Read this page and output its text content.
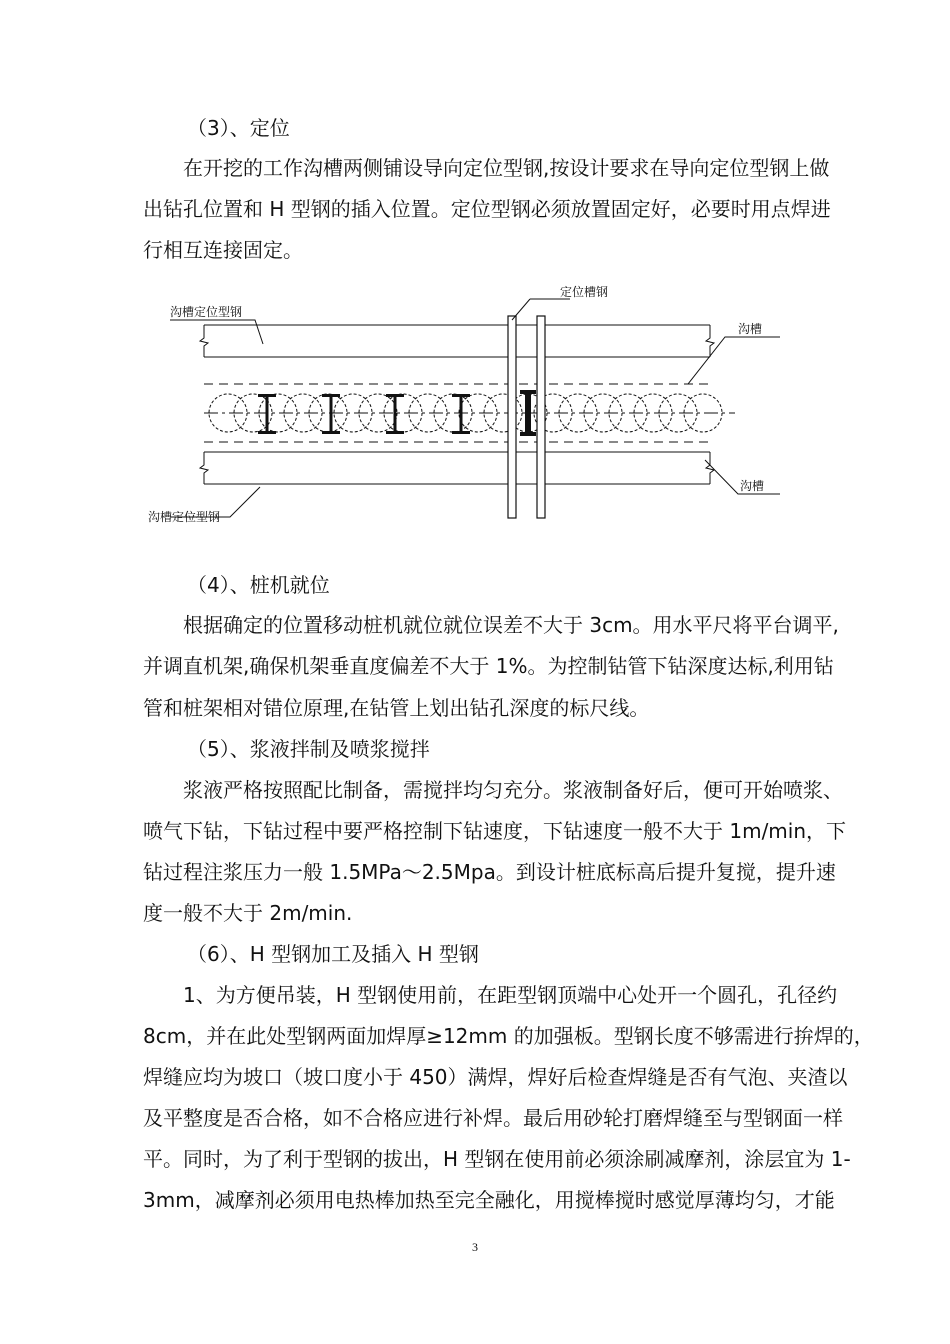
（3）、定位
在开挖的工作沟槽两侧铺设导向定位型钢,按设计要求在导向定位型钢上做
出钻孔位置和 H 型钢的插入位置。定位型钢必须放置固定好，必要时用点焊进
行相互连接固定。
沟槽定位型钢
沟槽定位型钢
定位槽钢
沟槽
沟槽
（4）、桩机就位
根据确定的位置移动桩机就位就位误差不大于 3cm。用水平尺将平台调平,
并调直机架,确保机架垂直度偏差不大于 1%。为控制钻管下钻深度达标,利用钻
管和桩架相对错位原理,在钻管上划出钻孔深度的标尺线。
（5）、浆液拌制及喷浆搅拌
浆液严格按照配比制备，需搅拌均匀充分。浆液制备好后，便可开始喷浆、
喷气下钻，下钻过程中要严格控制下钻速度，下钻速度一般不大于 1m/min，下
钻过程注浆压力一般 1.5MPa～2.5Mpa。到设计桩底标高后提升复搅，提升速
度一般不大于 2m/min.
（6）、H 型钢加工及插入 H 型钢
1、为方便吊装，H 型钢使用前，在距型钢顶端中心处开一个圆孔，孔径约
8cm，并在此处型钢两面加焊厚≥12mm 的加强板。型钢长度不够需进行拚焊的，
焊缝应均为坡口（坡口度小于 450）满焊，焊好后检查焊缝是否有气泡、夹渣以
及平整度是否合格，如不合格应进行补焊。最后用砂轮打磨焊缝至与型钢面一样
平。同时，为了利于型钢的拔出，H 型钢在使用前必须涂刷减摩剂，涂层宜为 1-
3mm，减摩剂必须用电热棒加热至完全融化，用搅棒搅时感觉厚薄均匀，才能
3
